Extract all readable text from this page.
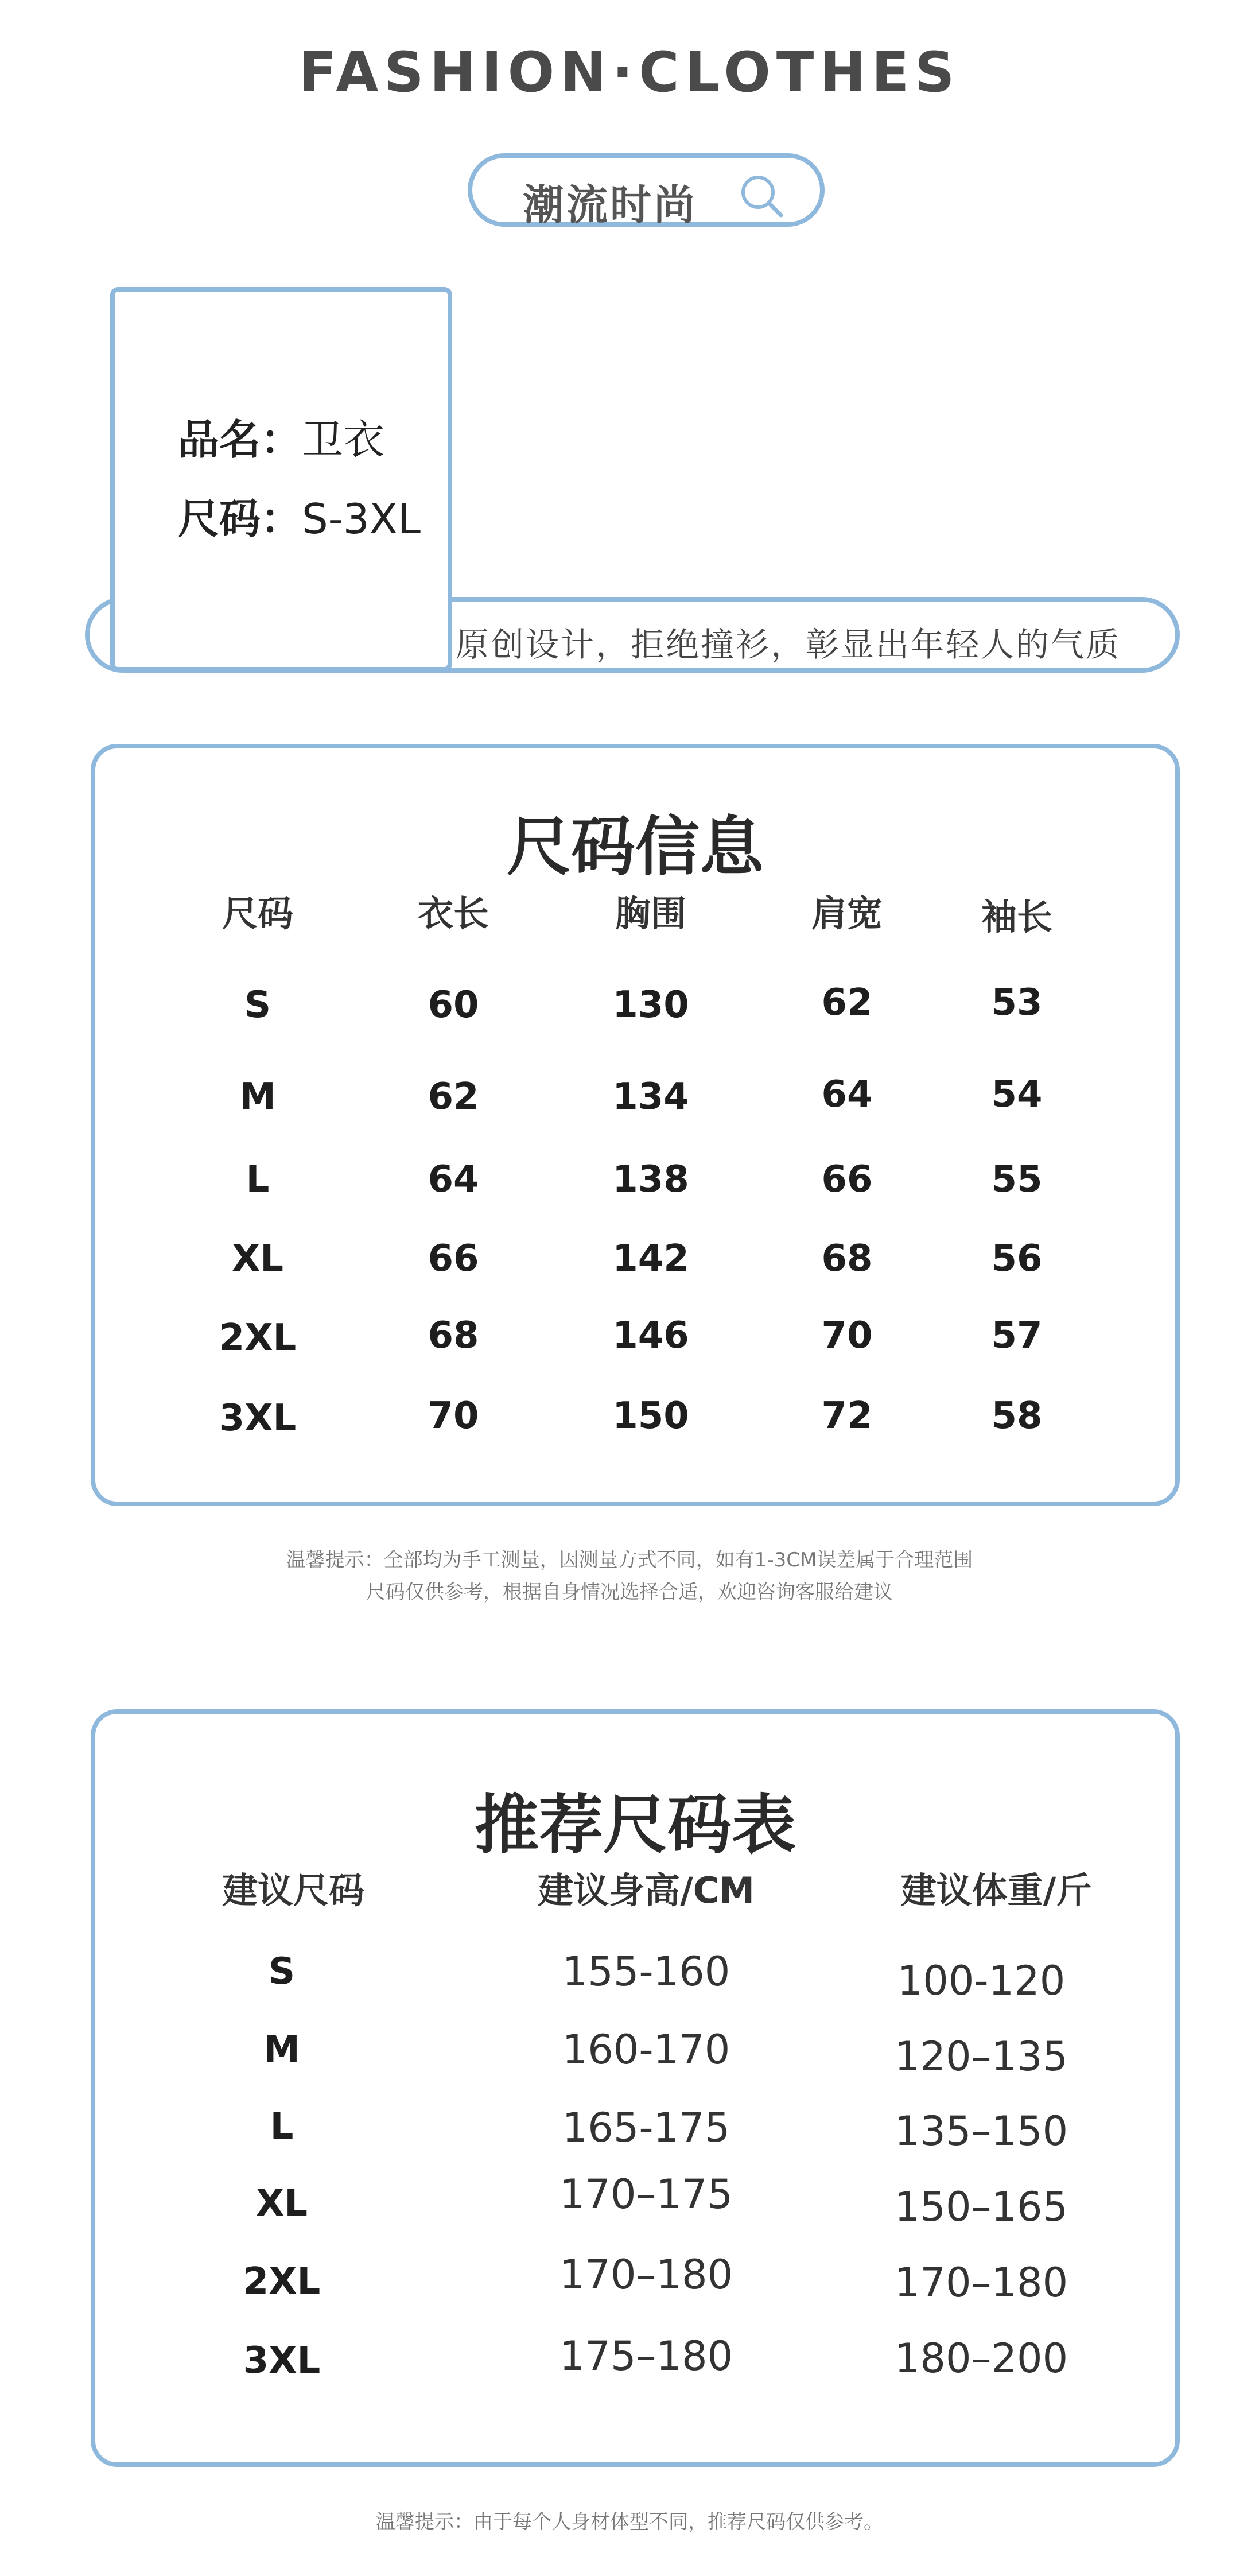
FASHION·CLOTHES
潮流时尚
原创设计，拒绝撞衫，彰显出年轻人的气质
品名：卫衣
尺码：S-3XL
尺码信息
尺码	衣长	胸围	肩宽	袖长
S	60	130	62	53
M	62	134	64	54
L	64	138	66	55
XL	66	142	68	56
2XL	68	146	70	57
3XL	70	150	72	58
温馨提示：全部均为手工测量，因测量方式不同，如有1-3CM误差属于合理范围
尺码仅供参考，根据自身情况选择合适，欢迎咨询客服给建议
推荐尺码表
建议尺码	建议身高/CM	建议体重/斤
S	155-160	100-120
M	160-170	120–135
L	165-175	135–150
XL	170–175	150–165
2XL	170–180	170–180
3XL	175–180	180–200
温馨提示：由于每个人身材体型不同，推荐尺码仅供参考。
